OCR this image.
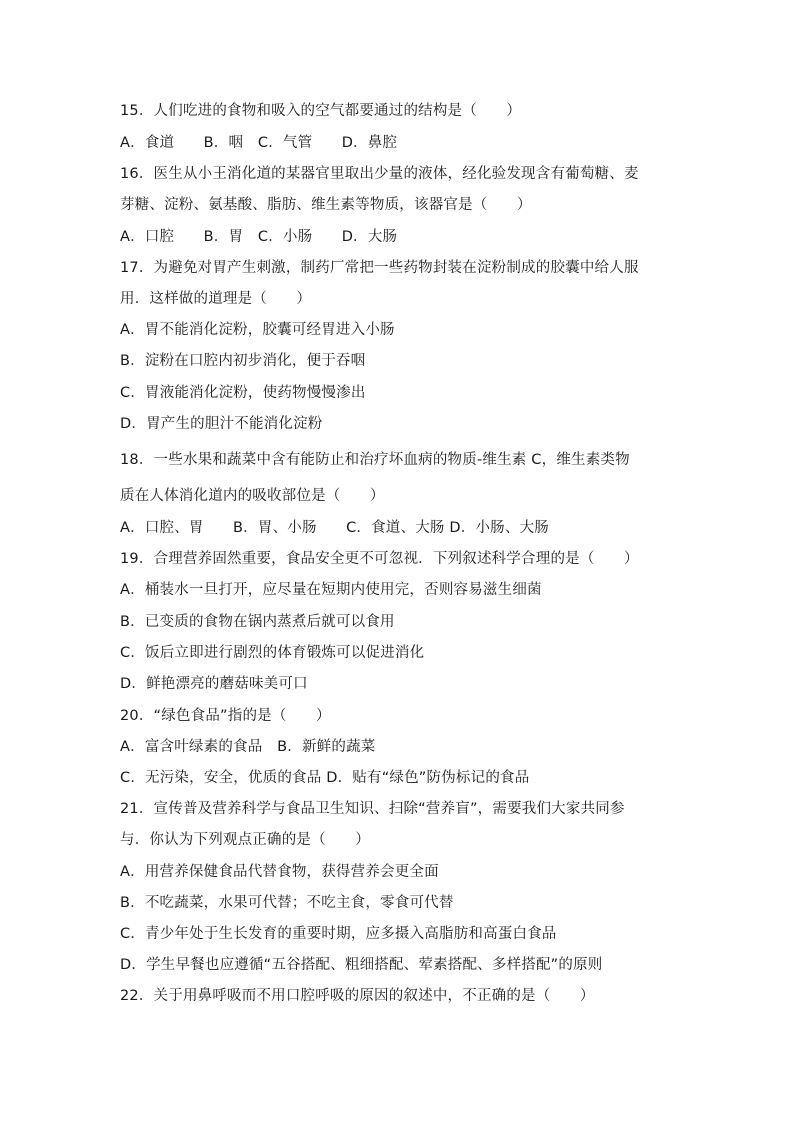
15．人们吃进的食物和吸入的空气都要通过的结构是（　　）
A．食道　　B．咽　C．气管　　D．鼻腔
16．医生从小王消化道的某器官里取出少量的液体，经化验发现含有葡萄糖、麦
芽糖、淀粉、氨基酸、脂肪、维生素等物质，该器官是（　　）
A．口腔　　B．胃　C．小肠　　D．大肠
17．为避免对胃产生刺激，制药厂常把一些药物封装在淀粉制成的胶囊中给人服
用．这样做的道理是（　　）
A．胃不能消化淀粉，胶囊可经胃进入小肠
B．淀粉在口腔内初步消化，便于吞咽
C．胃液能消化淀粉，使药物慢慢渗出
D．胃产生的胆汁不能消化淀粉
18．一些水果和蔬菜中含有能防止和治疗坏血病的物质-维生素 C，维生素类物
质在人体消化道内的吸收部位是（　　）
A．口腔、胃　　B．胃、小肠　　C．食道、大肠 D．小肠、大肠
19．合理营养固然重要，食品安全更不可忽视．下列叙述科学合理的是（　　）
A．桶装水一旦打开，应尽量在短期内使用完，否则容易滋生细菌
B．已变质的食物在锅内蒸煮后就可以食用
C．饭后立即进行剧烈的体育锻炼可以促进消化
D．鲜艳漂亮的蘑菇味美可口
20．“绿色食品”指的是（　　）
A．富含叶绿素的食品　B．新鲜的蔬菜
C．无污染，安全，优质的食品 D．贴有“绿色”防伪标记的食品
21．宣传普及营养科学与食品卫生知识、扫除“营养盲”，需要我们大家共同参
与．你认为下列观点正确的是（　　）
A．用营养保健食品代替食物，获得营养会更全面
B．不吃蔬菜，水果可代替；不吃主食，零食可代替
C．青少年处于生长发育的重要时期，应多摄入高脂肪和高蛋白食品
D．学生早餐也应遵循“五谷搭配、粗细搭配、荤素搭配、多样搭配”的原则
22．关于用鼻呼吸而不用口腔呼吸的原因的叙述中，不正确的是（　　）
